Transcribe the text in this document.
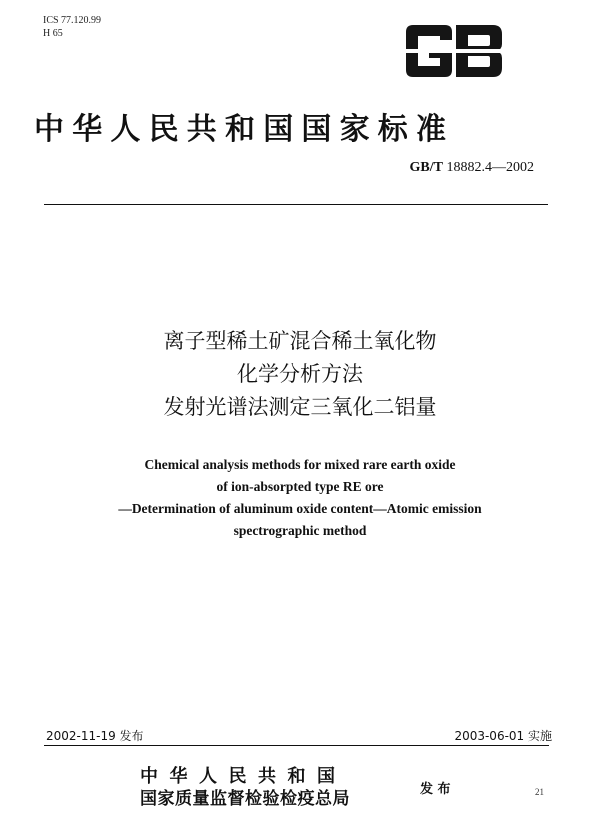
ICS 77.120.99
H 65
GB
中华人民共和国国家标准
GB/T 18882.4—2002
离子型稀土矿混合稀土氧化物
化学分析方法
发射光谱法测定三氧化二铝量
Chemical analysis methods for mixed rare earth oxide
of ion-absorpted type RE ore
—Determination of aluminum oxide content—Atomic emission
spectrographic method
2002-11-19 发布	2003-06-01 实施
中华人民共和国
国家质量监督检验检疫总局	发 布	21
